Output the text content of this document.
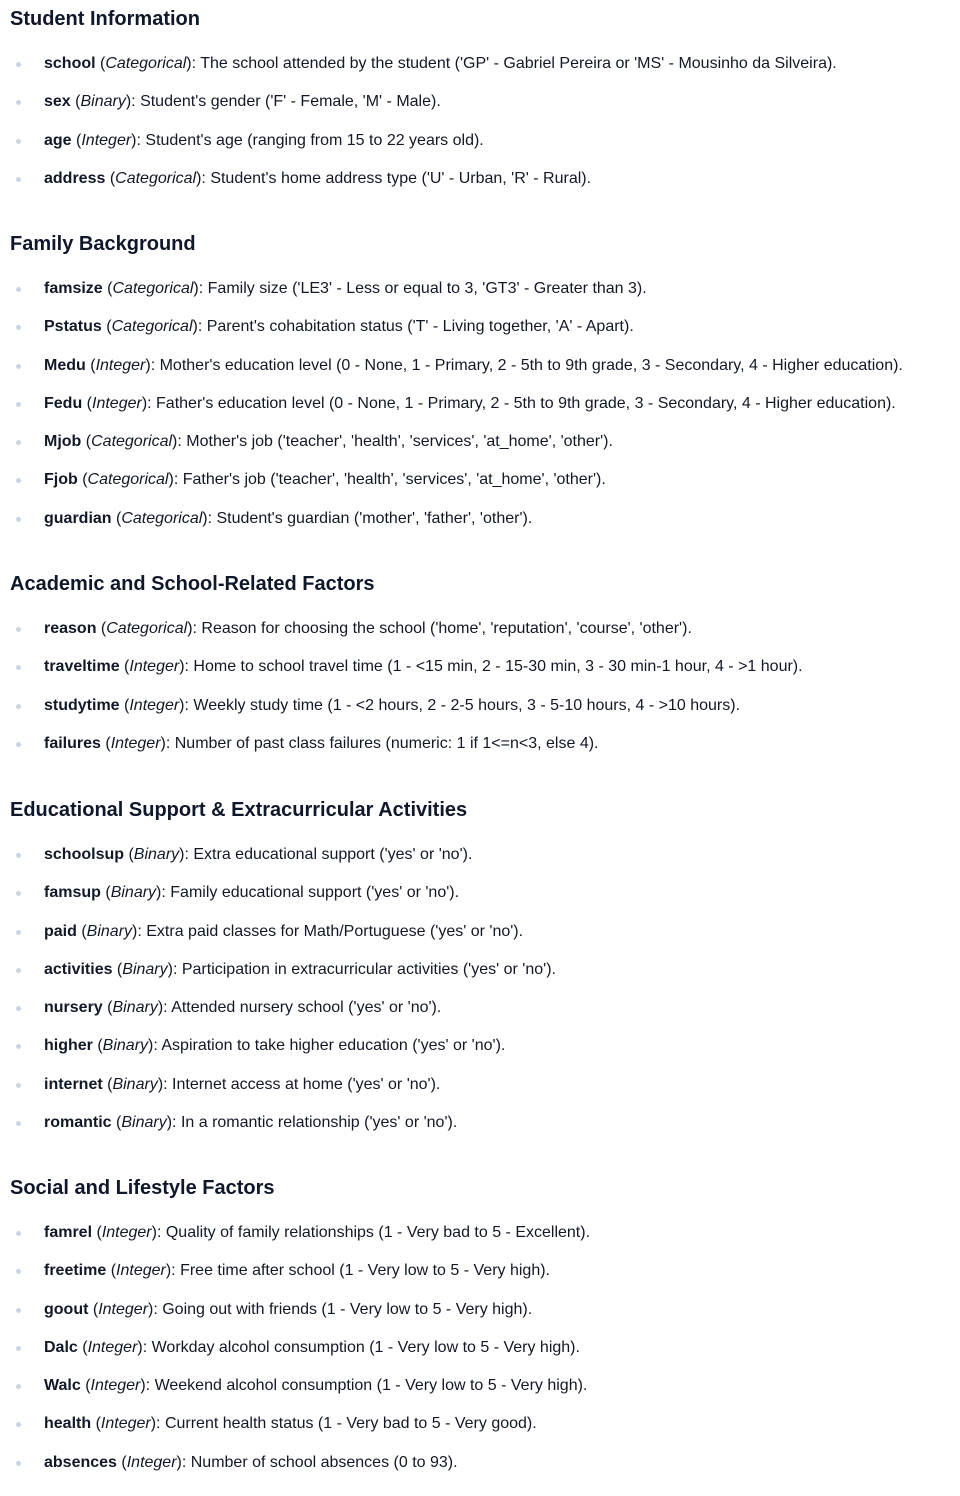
Student Information
school (Categorical): The school attended by the student ('GP' - Gabriel Pereira or 'MS' - Mousinho da Silveira).
sex (Binary): Student's gender ('F' - Female, 'M' - Male).
age (Integer): Student's age (ranging from 15 to 22 years old).
address (Categorical): Student's home address type ('U' - Urban, 'R' - Rural).
Family Background
famsize (Categorical): Family size ('LE3' - Less or equal to 3, 'GT3' - Greater than 3).
Pstatus (Categorical): Parent's cohabitation status ('T' - Living together, 'A' - Apart).
Medu (Integer): Mother's education level (0 - None, 1 - Primary, 2 - 5th to 9th grade, 3 - Secondary, 4 - Higher education).
Fedu (Integer): Father's education level (0 - None, 1 - Primary, 2 - 5th to 9th grade, 3 - Secondary, 4 - Higher education).
Mjob (Categorical): Mother's job ('teacher', 'health', 'services', 'at_home', 'other').
Fjob (Categorical): Father's job ('teacher', 'health', 'services', 'at_home', 'other').
guardian (Categorical): Student's guardian ('mother', 'father', 'other').
Academic and School-Related Factors
reason (Categorical): Reason for choosing the school ('home', 'reputation', 'course', 'other').
traveltime (Integer): Home to school travel time (1 - <15 min, 2 - 15-30 min, 3 - 30 min-1 hour, 4 - >1 hour).
studytime (Integer): Weekly study time (1 - <2 hours, 2 - 2-5 hours, 3 - 5-10 hours, 4 - >10 hours).
failures (Integer): Number of past class failures (numeric: 1 if 1<=n<3, else 4).
Educational Support & Extracurricular Activities
schoolsup (Binary): Extra educational support ('yes' or 'no').
famsup (Binary): Family educational support ('yes' or 'no').
paid (Binary): Extra paid classes for Math/Portuguese ('yes' or 'no').
activities (Binary): Participation in extracurricular activities ('yes' or 'no').
nursery (Binary): Attended nursery school ('yes' or 'no').
higher (Binary): Aspiration to take higher education ('yes' or 'no').
internet (Binary): Internet access at home ('yes' or 'no').
romantic (Binary): In a romantic relationship ('yes' or 'no').
Social and Lifestyle Factors
famrel (Integer): Quality of family relationships (1 - Very bad to 5 - Excellent).
freetime (Integer): Free time after school (1 - Very low to 5 - Very high).
goout (Integer): Going out with friends (1 - Very low to 5 - Very high).
Dalc (Integer): Workday alcohol consumption (1 - Very low to 5 - Very high).
Walc (Integer): Weekend alcohol consumption (1 - Very low to 5 - Very high).
health (Integer): Current health status (1 - Very bad to 5 - Very good).
absences (Integer): Number of school absences (0 to 93).
